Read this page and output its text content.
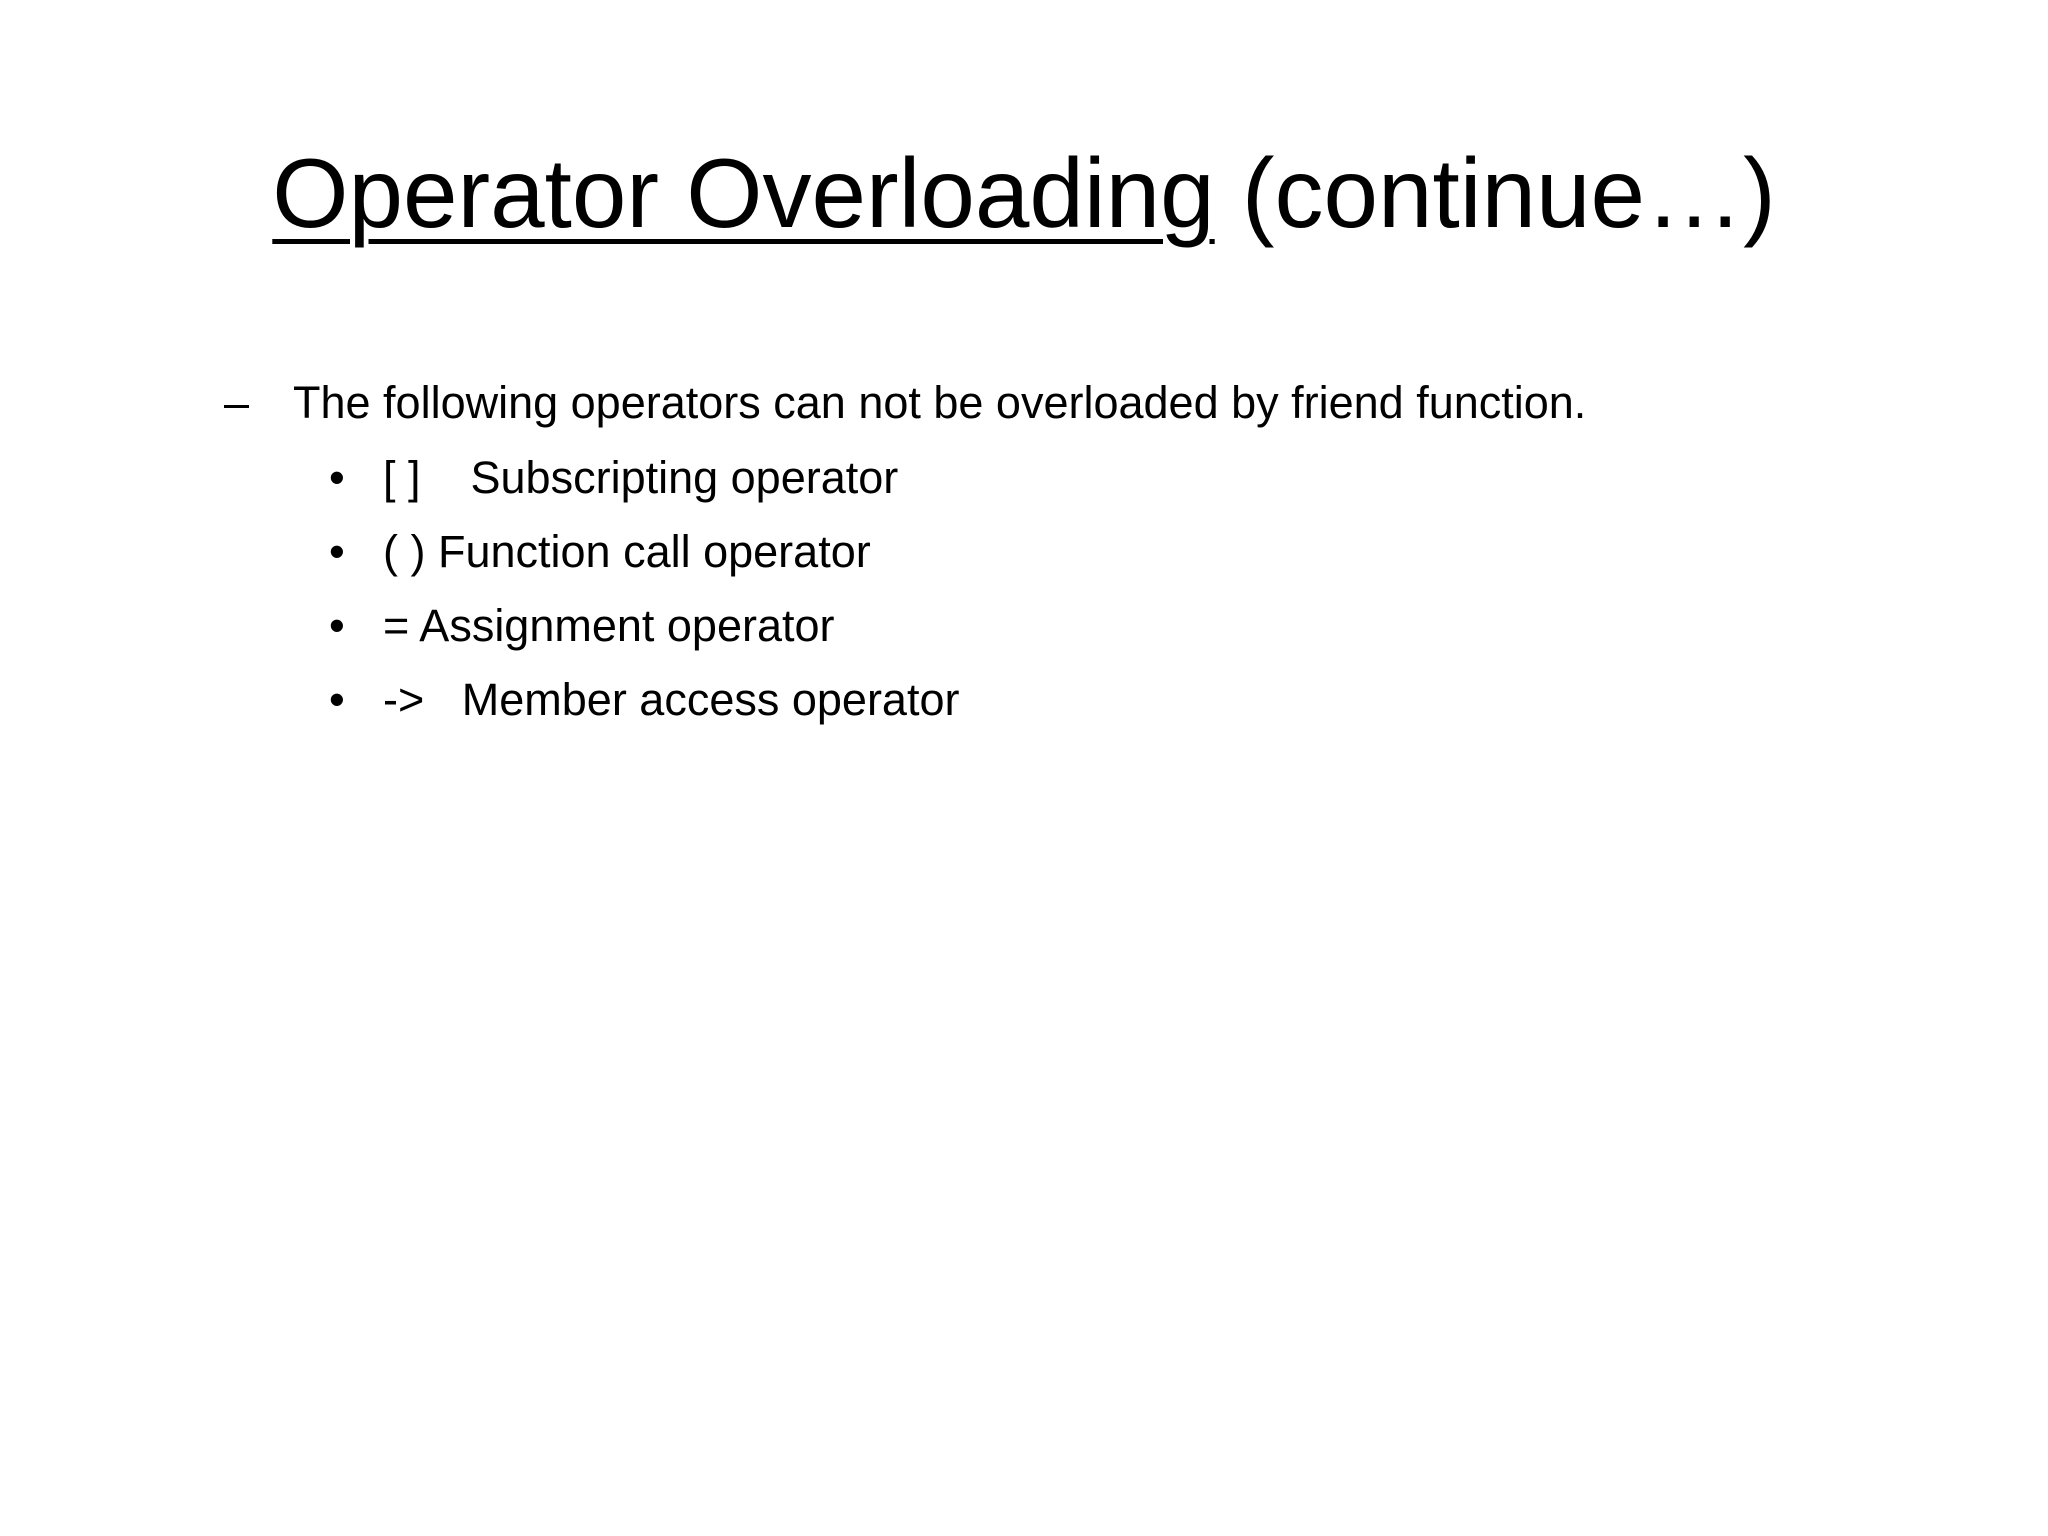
Operator Overloading (continue…)
– The following operators can not be overloaded by friend function.
• [ ]    Subscripting operator
• ( ) Function call operator
• = Assignment operator
• ->   Member access operator
